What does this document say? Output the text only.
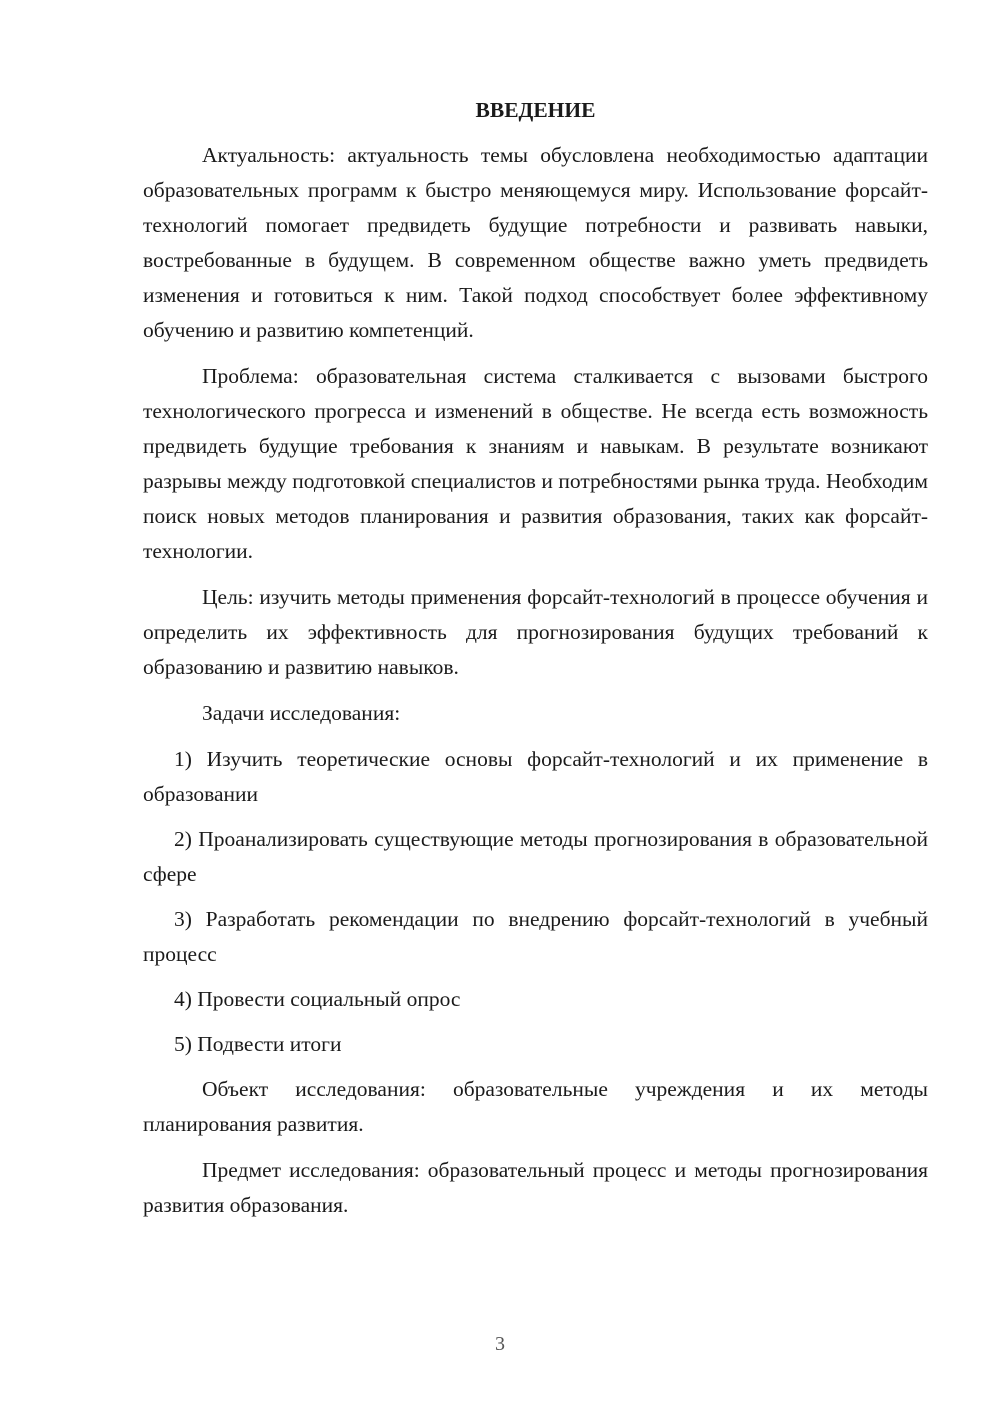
ВВЕДЕНИЕ

Актуальность: актуальность темы обусловлена необходимостью адаптации образовательных программ к быстро меняющемуся миру. Использование форсайт-технологий помогает предвидеть будущие потребности и развивать навыки, востребованные в будущем. В современном обществе важно уметь предвидеть изменения и готовиться к ним. Такой подход способствует более эффективному обучению и развитию компетенций.

Проблема: образовательная система сталкивается с вызовами быстрого технологического прогресса и изменений в обществе. Не всегда есть возможность предвидеть будущие требования к знаниям и навыкам. В результате возникают разрывы между подготовкой специалистов и потребностями рынка труда. Необходим поиск новых методов планирования и развития образования, таких как форсайт-технологии.

Цель: изучить методы применения форсайт-технологий в процессе обучения и определить их эффективность для прогнозирования будущих требований к образованию и развитию навыков.

Задачи исследования:

1) Изучить теоретические основы форсайт-технологий и их применение в образовании

2) Проанализировать существующие методы прогнозирования в образовательной сфере

3) Разработать рекомендации по внедрению форсайт-технологий в учебный процесс

4) Провести социальный опрос

5) Подвести итоги

Объект исследования: образовательные учреждения и их методы планирования развития.

Предмет исследования: образовательный процесс и методы прогнозирования развития образования.

3
